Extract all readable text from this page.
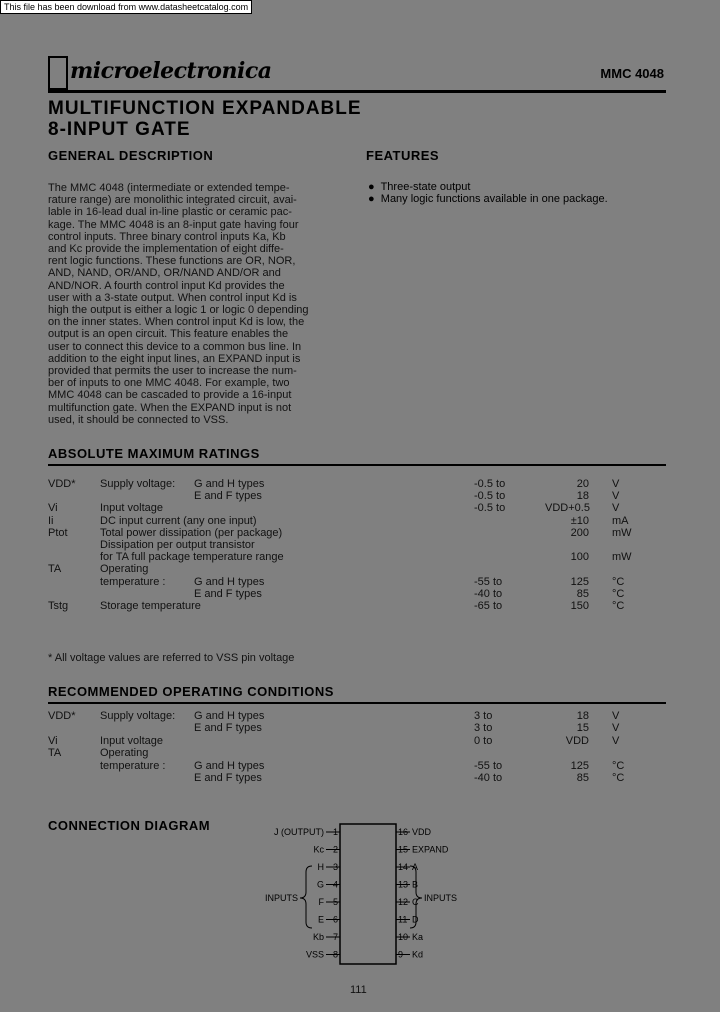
This file has been download from www.datasheetcatalog.com
microelectronica	MMC 4048
MULTIFUNCTION EXPANDABLE
8-INPUT GATE
GENERAL DESCRIPTION
The MMC 4048 (intermediate or extended tempe-
rature range) are monolithic integrated circuit, avai-
lable in 16-lead dual in-line plastic or ceramic pac-
kage. The MMC 4048 is an 8-input gate having four
control inputs. Three binary control inputs Ka, Kb
and Kc provide the implementation of eight diffe-
rent logic functions. These functions are OR, NOR,
AND, NAND, OR/AND, OR/NAND AND/OR and
AND/NOR. A fourth control input Kd provides the
user with a 3-state output. When control input Kd is
high the output is either a logic 1 or logic 0 depending
on the inner states. When control input Kd is low, the
output is an open circuit. This feature enables the
user to connect this device to a common bus line. In
addition to the eight input lines, an EXPAND input is
provided that permits the user to increase the num-
ber of inputs to one MMC 4048. For example, two
MMC 4048 can be cascaded to provide a 16-input
multifunction gate. When the EXPAND input is not
used, it should be connected to VSS.
FEATURES
● Three-state output
● Many logic functions available in one package.
ABSOLUTE MAXIMUM RATINGS
VDD* Supply voltage: G and H types	-0.5 to	20 V
E and F types	-0.5 to	18 V
Vi	Input voltage	-0.5 to	VDD+0.5 V
Ii	DC input current (any one input)	±10 mA
Ptot	Total power dissipation (per package)	200 mW
Dissipation per output transistor
for TA full package temperature range	100 mW
TA	Operating
temperature :	G and H types	-55 to	125 °C
E and F types	-40 to	85 °C
Tstg	Storage temperature	-65 to	150 °C
* All voltage values are referred to VSS pin voltage
RECOMMENDED OPERATING CONDITIONS
VDD* Supply voltage: G and H types	3 to	18 V
E and F types	3 to	15 V
Vi	Input voltage	0 to	VDD V
TA	Operating
temperature :	G and H types	-55 to	125 °C
E and F types	-40 to	85 °C
CONNECTION DIAGRAM	1
J (OUTPUT)
2
Kc
3
H
4
G
5
F
6
E
7
Kb
8
VSS
16 VDD
15 EXPAND
14 A
13 B
12 C
11 D
10 Ka
9 Kd
INPUTS	INPUTS
111
